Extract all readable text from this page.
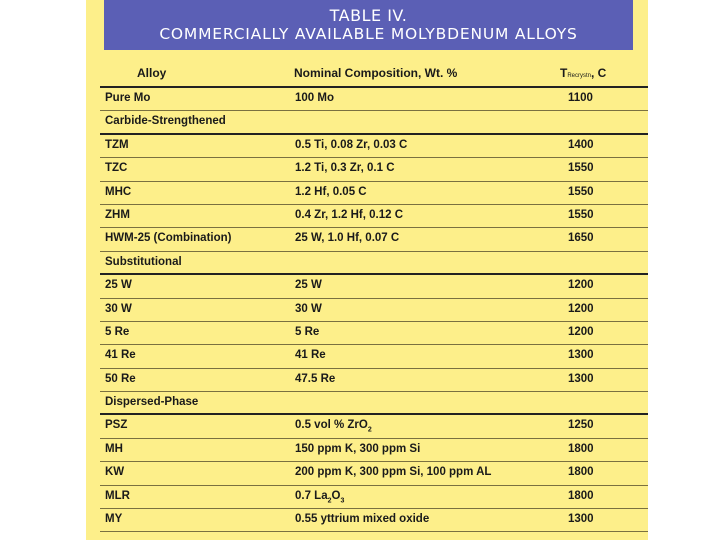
TABLE IV.
COMMERCIALLY AVAILABLE MOLYBDENUM ALLOYS
Alloy	Nominal Composition, Wt. %	TRecrystn, C
Pure Mo	100 Mo	1100
Carbide-Strengthened
TZM	0.5 Ti, 0.08 Zr, 0.03 C	1400
TZC	1.2 Ti, 0.3 Zr, 0.1 C	1550
MHC	1.2 Hf, 0.05 C	1550
ZHM	0.4 Zr, 1.2 Hf, 0.12 C	1550
HWM-25 (Combination)	25 W, 1.0 Hf, 0.07 C	1650
Substitutional
25 W	25 W	1200
30 W	30 W	1200
5 Re	5 Re	1200
41 Re	41 Re	1300
50 Re	47.5 Re	1300
Dispersed-Phase
PSZ	0.5 vol % ZrO$_2$	1250
MH	150 ppm K, 300 ppm Si	1800
KW	200 ppm K, 300 ppm Si, 100 ppm AL	1800
MLR	0.7 $La_2O_3$	1800
MY	0.55 yttrium mixed oxide	1300
